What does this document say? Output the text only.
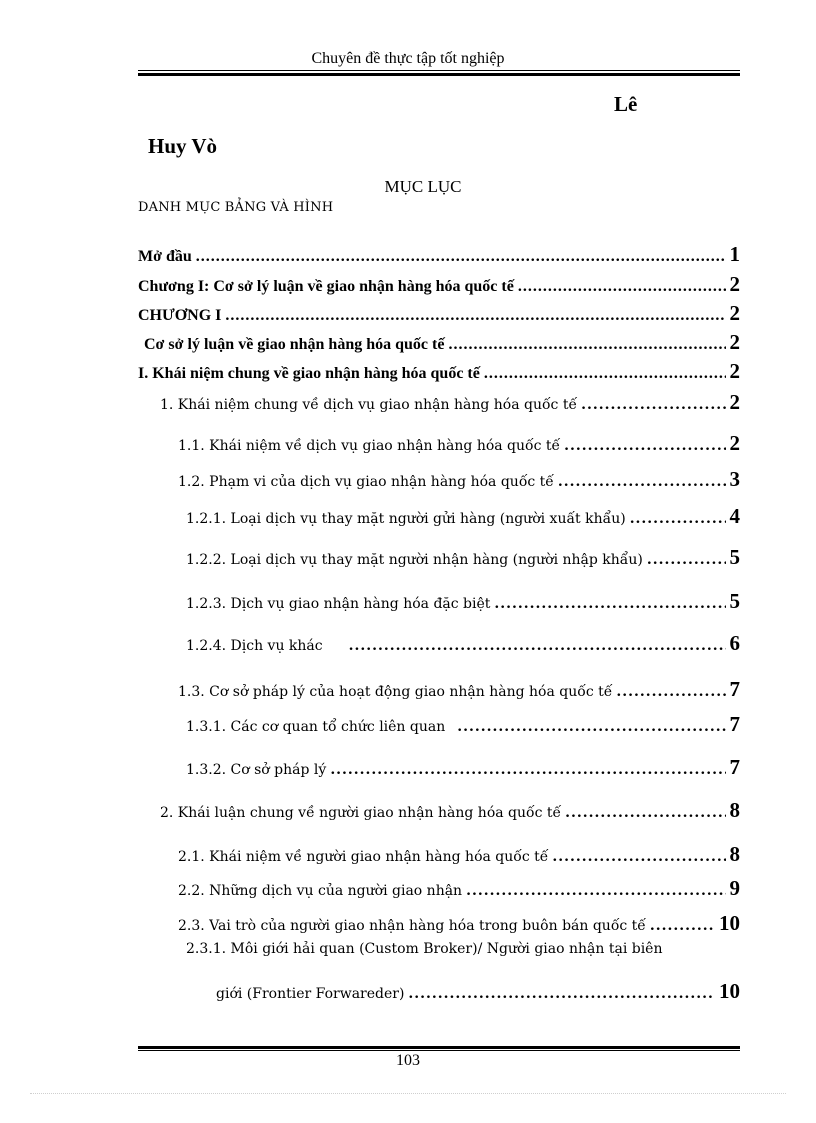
Chuyên đề thực tập tốt nghiệp
Lê
Huy Vò
MỤC LỤC
DANH MỤC BẢNG VÀ HÌNH
Mở đầu .....	1
Chương I: Cơ sở lý luận về giao nhận hàng hóa quốc tế .....	2
CHƯƠNG I .....	2
Cơ sở lý luận về giao nhận hàng hóa quốc tế .....	2
I. Khái niệm chung về giao nhận hàng hóa quốc tế .....	2
1. Khái niệm chung về dịch vụ giao nhận hàng hóa quốc tế .....	2
1.1. Khái niệm về dịch vụ giao nhận hàng hóa quốc tế .....	2
1.2. Phạm vi của dịch vụ giao nhận hàng hóa quốc tế .....	3
1.2.1. Loại dịch vụ thay mặt người gửi hàng (người xuất khẩu) .....	4
1.2.2. Loại dịch vụ thay mặt người nhận hàng (người nhập khẩu) .....	5
1.2.3. Dịch vụ giao nhận hàng hóa đặc biệt .....	5
1.2.4. Dịch vụ khác .....	6
1.3. Cơ sở pháp lý của hoạt động giao nhận hàng hóa quốc tế .....	7
1.3.1. Các cơ quan tổ chức liên quan .....	7
1.3.2. Cơ sở pháp lý .....	7
2. Khái luận chung về người giao nhận hàng hóa quốc tế .....	8
2.1. Khái niệm về người giao nhận hàng hóa quốc tế .....	8
2.2. Những dịch vụ của người giao nhận .....	9
2.3. Vai trò của người giao nhận hàng hóa trong buôn bán quốc tế .....	10
2.3.1. Môi giới hải quan (Custom Broker)/ Người giao nhận tại biên
giới (Frontier Forwareder) .....	10
103
